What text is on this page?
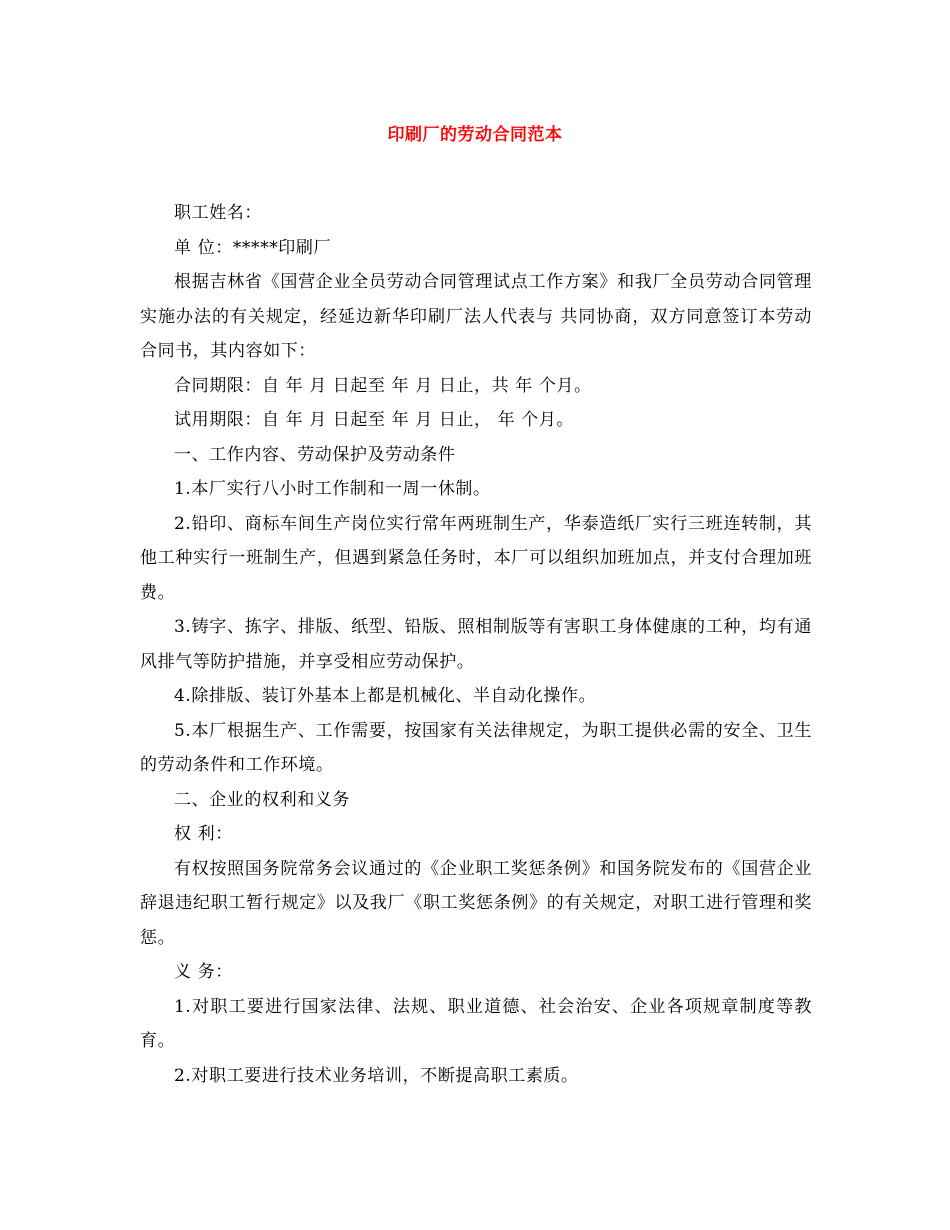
印刷厂的劳动合同范本

职工姓名：

单 位：*****印刷厂

根据吉林省《国营企业全员劳动合同管理试点工作方案》和我厂全员劳动合同管理实施办法的有关规定，经延边新华印刷厂法人代表与 共同协商，双方同意签订本劳动合同书，其内容如下：

合同期限：自 年 月 日起至 年 月 日止，共 年 个月。

试用期限：自 年 月 日起至 年 月 日止， 年 个月。

一、工作内容、劳动保护及劳动条件

1.本厂实行八小时工作制和一周一休制。

2.铅印、商标车间生产岗位实行常年两班制生产，华泰造纸厂实行三班连转制，其他工种实行一班制生产，但遇到紧急任务时，本厂可以组织加班加点，并支付合理加班费。

3.铸字、拣字、排版、纸型、铅版、照相制版等有害职工身体健康的工种，均有通风排气等防护措施，并享受相应劳动保护。

4.除排版、装订外基本上都是机械化、半自动化操作。

5.本厂根据生产、工作需要，按国家有关法律规定，为职工提供必需的安全、卫生的劳动条件和工作环境。

二、企业的权利和义务

权 利：

有权按照国务院常务会议通过的《企业职工奖惩条例》和国务院发布的《国营企业辞退违纪职工暂行规定》以及我厂《职工奖惩条例》的有关规定，对职工进行管理和奖惩。

义 务：

1.对职工要进行国家法律、法规、职业道德、社会治安、企业各项规章制度等教育。

2.对职工要进行技术业务培训，不断提高职工素质。
